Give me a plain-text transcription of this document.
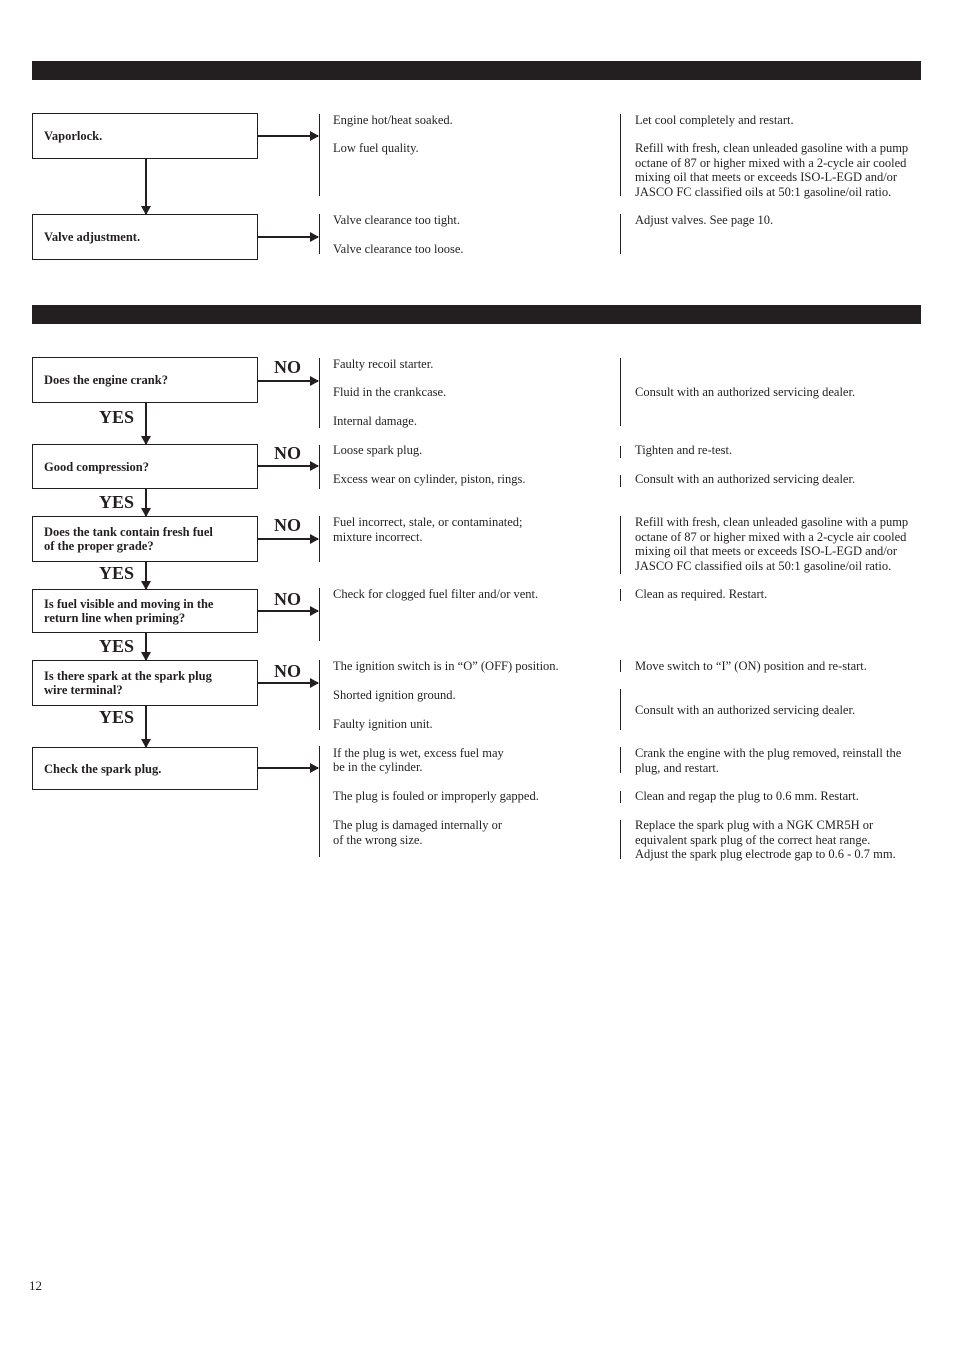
Vaporlock.
Valve adjustment.
Engine hot/heat soaked.
Low fuel quality.
Valve clearance too tight.
Valve clearance too loose.
Let cool completely and restart.
Refill with fresh, clean unleaded gasoline with a pump
octane of 87 or higher mixed with a 2-cycle air cooled
mixing oil that meets or exceeds ISO-L-EGD and/or
JASCO FC classified oils at 50:1 gasoline/oil ratio.
Adjust valves. See page 10.
Does the engine crank?
NO
YES
Good compression?
NO
YES
Does the tank contain fresh fuel
of the proper grade?
NO
YES
Is fuel visible and moving in the
return line when priming?
NO
YES
Is there spark at the spark plug
wire terminal?
NO
YES
Check the spark plug.
Faulty recoil starter.
Fluid in the crankcase.
Internal damage.
Loose spark plug.
Excess wear on cylinder, piston, rings.
Fuel incorrect, stale, or contaminated;
mixture incorrect.
Check for clogged fuel filter and/or vent.
The ignition switch is in “O” (OFF) position.
Shorted ignition ground.
Faulty ignition unit.
If the plug is wet, excess fuel may
be in the cylinder.
The plug is fouled or improperly gapped.
The plug is damaged internally or
of the wrong size.
Consult with an authorized servicing dealer.
Tighten and re-test.
Consult with an authorized servicing dealer.
Refill with fresh, clean unleaded gasoline with a pump
octane of 87 or higher mixed with a 2-cycle air cooled
mixing oil that meets or exceeds ISO-L-EGD and/or
JASCO FC classified oils at 50:1 gasoline/oil ratio.
Clean as required. Restart.
Move switch to “I” (ON) position and re-start.
Consult with an authorized servicing dealer.
Crank the engine with the plug removed, reinstall the
plug, and restart.
Clean and regap the plug to 0.6 mm. Restart.
Replace the spark plug with a NGK CMR5H or
equivalent spark plug of the correct heat range.
Adjust the spark plug electrode gap to 0.6 - 0.7 mm.
12
